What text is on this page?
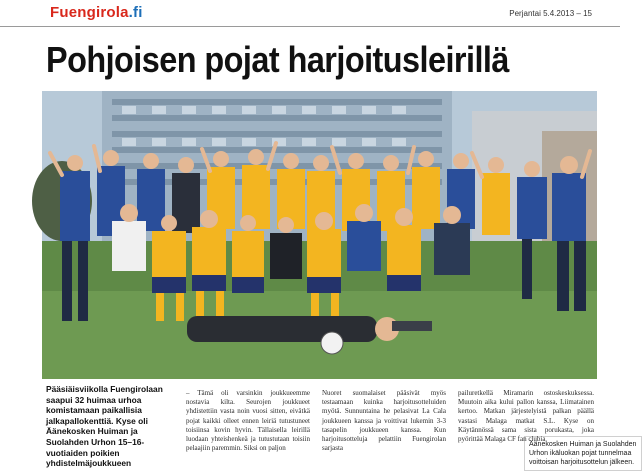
Fuengirola.fi	Perjantai 5.4.2013 – 15
Pohjoisen pojat harjoitusleirillä
Äänekosken Huiman ja Suolahden Urhon ikäluokan pojat tunnelmaa voittoisan harjoitusottelun jälkeen.
Pääsiäisviikolla Fuengirolaan saapui 32 huimaa urhoa komistamaan paikallisia jalkapallokenttiä. Kyse oli Äänekosken Huiman ja Suolahden Urhon 15–16-vuotiaiden poikien yhdistelmäjoukkueen
– Tämä oli varsinkin joukkueemme nostavia kilta. Seurojen joukkueet yhdistettiin vasta noin vuosi sitten, eivätkä pojat kaikki olleet ennen leiriä tutustuneet toisiinsa kovin hyvin. Tällaisella leirillä luodaan yhteishenkeä ja tutustutaan toisiin pelaajiin paremmin. Siksi on paljon
Nuoret suomalaiset pääsivät myös testaamaan kuinka harjoitusotteluiden myötä. Sunnuntaina he pelasivat La Cala joukkueen kanssa ja voittivat lukemin 3-3 tasapelin joukkueen kanssa. Kun harjoitusotteluja pelattiin Fuengirolan sarjasta
pailuretkellä Miramarin ostoskeskuksessa. Muutoin aika kului pallon kanssa, Liimatainen kertoo. Matkan järjestelyistä palkan päällä vastasi Malaga matkat S.L. Kyse on Käytännössä sama sista porukasta, joka pyörittää Malaga CF fan clubia
